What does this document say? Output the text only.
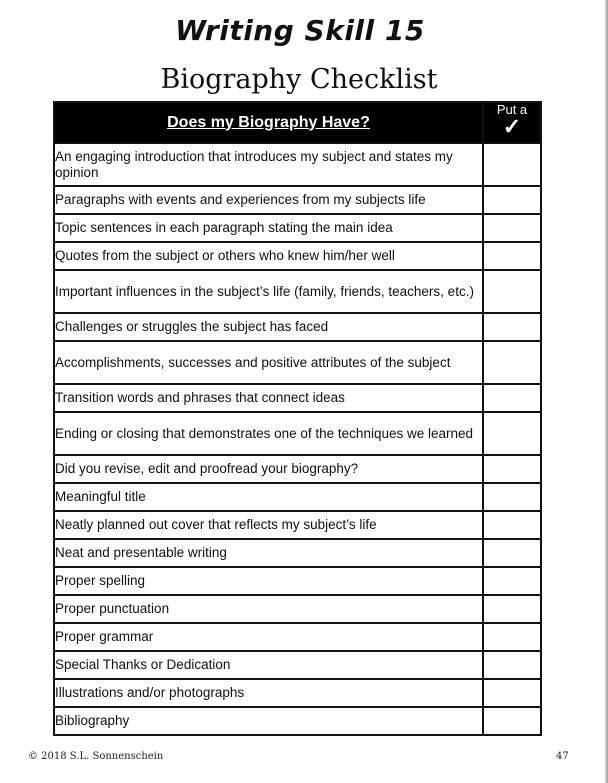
Writing Skill 15
Biography Checklist
Does my Biography Have?	Put a
✓

An engaging introduction that introduces my subject and states my opinion	
Paragraphs with events and experiences from my subjects life	
Topic sentences in each paragraph stating the main idea	
Quotes from the subject or others who knew him/her well	
Important influences in the subject’s life (family, friends, teachers, etc.)	
Challenges or struggles the subject has faced	
Accomplishments, successes and positive attributes of the subject	
Transition words and phrases that connect ideas	
Ending or closing that demonstrates one of the techniques we learned	
Did you revise, edit and proofread your biography?	
Meaningful title	
Neatly planned out cover that reflects my subject’s life	
Neat and presentable writing	
Proper spelling	
Proper punctuation	
Proper grammar	
Special Thanks or Dedication	
Illustrations and/or photographs	
Bibliography	
© 2018 S.L. Sonnenschein	47
